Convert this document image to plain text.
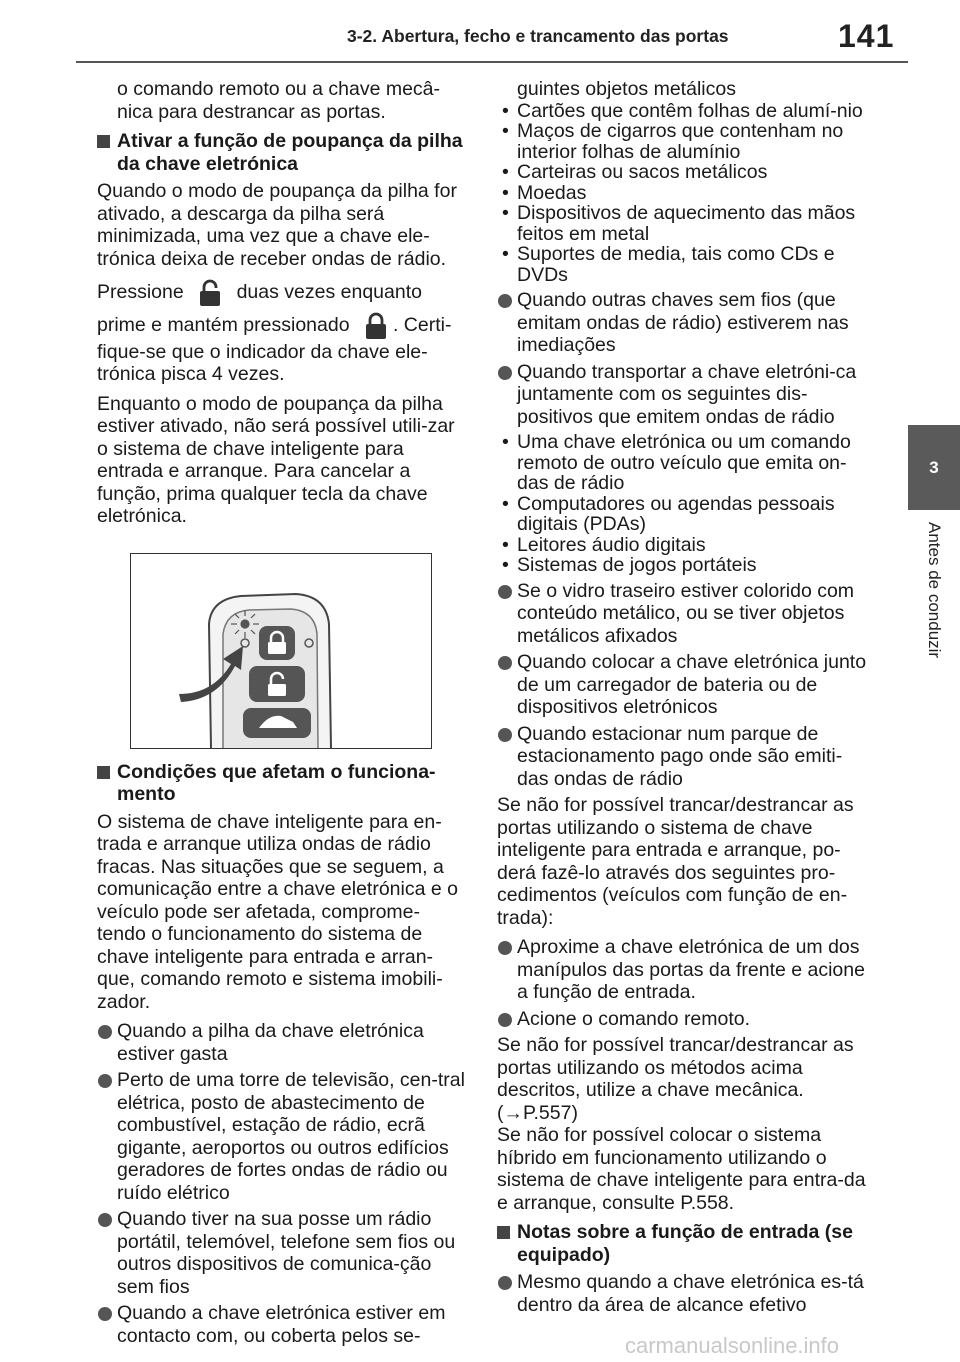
3-2. Abertura, fecho e trancamento das portas	141
3
Antes de conduzir

o comando remoto ou a chave mecâ-nica para destrancar as portas.

Ativar a função de poupança da pilha da chave eletrónica

Quando o modo de poupança da pilha for ativado, a descarga da pilha será minimizada, uma vez que a chave ele-trónica deixa de receber ondas de rádio.

Pressione	duas vezes enquanto

prime e mantém pressionado . Certi-

fique-se que o indicador da chave ele-trónica pisca 4 vezes.

Enquanto o modo de poupança da pilha estiver ativado, não será possível utili-zar o sistema de chave inteligente para entrada e arranque. Para cancelar a função, prima qualquer tecla da chave eletrónica.

Condições que afetam o funciona-mento

O sistema de chave inteligente para en-trada e arranque utiliza ondas de rádio fracas. Nas situações que se seguem, a comunicação entre a chave eletrónica e o veículo pode ser afetada, comprome-tendo o funcionamento do sistema de chave inteligente para entrada e arran-que, comando remoto e sistema imobili-zador.

Quando a pilha da chave eletrónica estiver gasta
Perto de uma torre de televisão, cen-tral elétrica, posto de abastecimento de combustível, estação de rádio, ecrã gigante, aeroportos ou outros edifícios geradores de fortes ondas de rádio ou ruído elétrico
Quando tiver na sua posse um rádio portátil, telemóvel, telefone sem fios ou outros dispositivos de comunica-ção sem fios
Quando a chave eletrónica estiver em contacto com, ou coberta pelos se-

guintes objetos metálicos

• Cartões que contêm folhas de alumí-nio
• Maços de cigarros que contenham no interior folhas de alumínio
• Carteiras ou sacos metálicos
• Moedas
• Dispositivos de aquecimento das mãos feitos em metal
• Suportes de media, tais como CDs e DVDs
Quando outras chaves sem fios (que emitam ondas de rádio) estiverem nas imediações
Quando transportar a chave eletróni-ca juntamente com os seguintes dis-positivos que emitem ondas de rádio
• Uma chave eletrónica ou um comando remoto de outro veículo que emita on-das de rádio
• Computadores ou agendas pessoais digitais (PDAs)
• Leitores áudio digitais
• Sistemas de jogos portáteis
Se o vidro traseiro estiver colorido com conteúdo metálico, ou se tiver objetos metálicos afixados
Quando colocar a chave eletrónica junto de um carregador de bateria ou de dispositivos eletrónicos
Quando estacionar num parque de estacionamento pago onde são emiti-das ondas de rádio

Se não for possível trancar/destrancar as portas utilizando o sistema de chave inteligente para entrada e arranque, po-derá fazê-lo através dos seguintes pro-cedimentos (veículos com função de en-trada):

Aproxime a chave eletrónica de um dos manípulos das portas da frente e acione a função de entrada.
Acione o comando remoto.

Se não for possível trancar/destrancar as portas utilizando os métodos acima descritos, utilize a chave mecânica.
(→P.557)

Se não for possível colocar o sistema híbrido em funcionamento utilizando o sistema de chave inteligente para entra-da e arranque, consulte P.558.

Notas sobre a função de entrada (se equipado)
Mesmo quando a chave eletrónica es-tá dentro da área de alcance efetivo
carmanualsonline.info
